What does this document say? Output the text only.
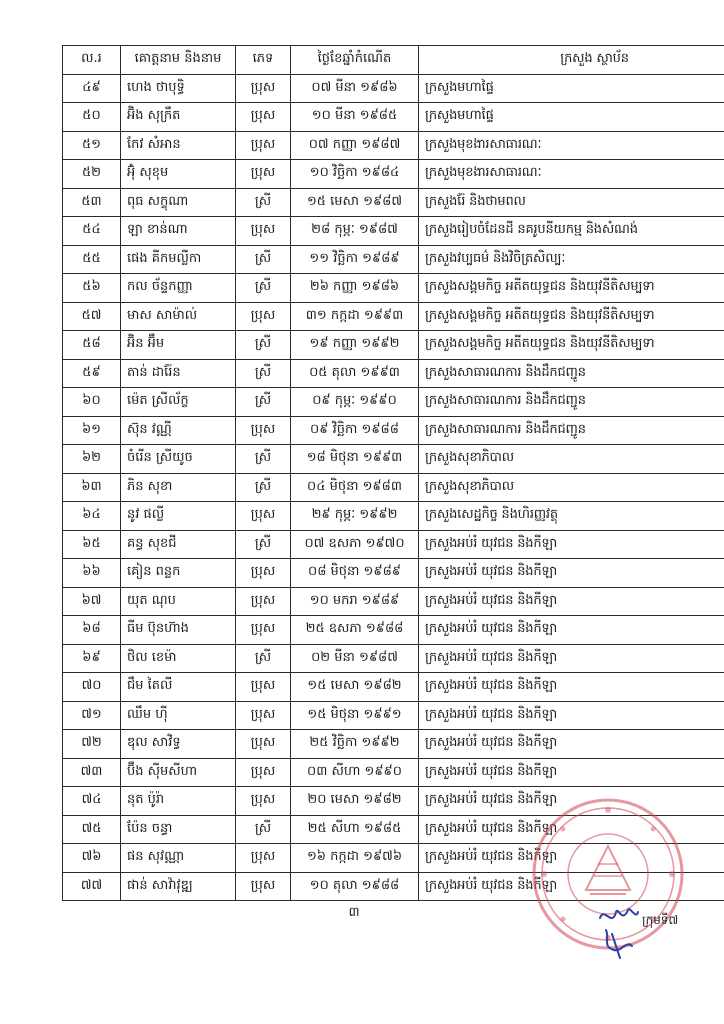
ល.រ	គោត្តនាម និងនាម	ភេទ	ថ្ងៃខែឆ្នាំកំណើត	ក្រសួង ស្ថាប័ន
៤៩	ហេង ថាបុទ្ធិ	ប្រុស	០៧ មីនា ១៩៨៦	ក្រសួងមហាផ្ទៃ
៥០	អ៊ិង សុក្រឹត	ប្រុស	១០ មីនា ១៩៨៥	ក្រសួងមហាផ្ទៃ
៥១	កែវ សំអាន	ប្រុស	០៧ កញ្ញា ១៩៨៧	ក្រសួងមុខងារសាធារណៈ
៥២	អ៊ុំ សុខុម	ប្រុស	១០ វិច្ឆិកា ១៩៨៤	ក្រសួងមុខងារសាធារណៈ
៥៣	ពុធ សក្ខុណា	ស្រី	១៥ មេសា ១៩៨៧	ក្រសួងរ៉ែ និងថាមពល
៥៤	ឡា ខាន់ណា	ប្រុស	២៨ កុម្ភៈ ១៩៨៧	ក្រសួងរៀបចំដែនដី នគរូបនីយកម្ម និងសំណង់
៥៥	ផេង គីកមល្លីកា	ស្រី	១១ វិច្ឆិកា ១៩៨៩	ក្រសួងវប្បធម៌ និងវិចិត្រសិល្បៈ
៥៦	កល ច័ន្ទកញ្ញា	ស្រី	២៦ កញ្ញា ១៩៨៦	ក្រសួងសង្គមកិច្ច អតីតយុទ្ធជន និងយុវនីតិសម្បទា
៥៧	មាស សាម៉ាល់	ប្រុស	៣១ កក្កដា ១៩៩៣	ក្រសួងសង្គមកិច្ច អតីតយុទ្ធជន និងយុវនីតិសម្បទា
៥៨	អ៊ិន អ៊ឹម	ស្រី	១៩ កញ្ញា ១៩៩២	ក្រសួងសង្គមកិច្ច អតីតយុទ្ធជន និងយុវនីតិសម្បទា
៥៩	តាន់ ដារ៉ែន	ស្រី	០៥ តុលា ១៩៩៣	ក្រសួងសាធារណការ និងដឹកជញ្ជូន
៦០	ម៉េត ស្រីល័ក្ខ	ស្រី	០៩ កុម្ភៈ ១៩៩០	ក្រសួងសាធារណការ និងដឹកជញ្ជូន
៦១	ស៊ុន វណ្ណី	ប្រុស	០៩ វិច្ឆិកា ១៩៨៨	ក្រសួងសាធារណការ និងដឹកជញ្ជូន
៦២	ចំរើន ស្រីយូច	ស្រី	១៨ មិថុនា ១៩៩៣	ក្រសួងសុខាភិបាល
៦៣	ភិន សុខា	ស្រី	០៤ មិថុនា ១៩៨៣	ក្រសួងសុខាភិបាល
៦៤	នូវ ផល្លី	ប្រុស	២៩ កុម្ភៈ ១៩៩២	ក្រសួងសេដ្ឋកិច្ច និងហិរញ្ញវត្ថុ
៦៥	គន្ធ សុខជី	ស្រី	០៧ ឧសភា ១៩៧០	ក្រសួងអប់រំ យុវជន និងកីឡា
៦៦	គៀន ពន្លក	ប្រុស	០៨ មិថុនា ១៩៨៩	ក្រសួងអប់រំ យុវជន និងកីឡា
៦៧	យុត ណុប	ប្រុស	១០ មករា ១៩៨៩	ក្រសួងអប់រំ យុវជន និងកីឡា
៦៨	ធីម ប៊ុនហ៊ាង	ប្រុស	២៥ ឧសភា ១៩៨៨	ក្រសួងអប់រំ យុវជន និងកីឡា
៦៩	ថិល ខេម៉ា	ស្រី	០២ មីនា ១៩៨៧	ក្រសួងអប់រំ យុវជន និងកីឡា
៧០	ជឹម តៃលី	ប្រុស	១៥ មេសា ១៩៨២	ក្រសួងអប់រំ យុវជន និងកីឡា
៧១	ឈឹម ហ៊ី	ប្រុស	១៥ មិថុនា ១៩៩១	ក្រសួងអប់រំ យុវជន និងកីឡា
៧២	ឌុល សាវិទ្ធ	ប្រុស	២៥ វិច្ឆិកា ១៩៩២	ក្រសួងអប់រំ យុវជន និងកីឡា
៧៣	ប៊ឹង ស៊ីមសីហា	ប្រុស	០៣ សីហា ១៩៩០	ក្រសួងអប់រំ យុវជន និងកីឡា
៧៤	នុត ប៉ូរ៉ា	ប្រុស	២០ មេសា ១៩៨២	ក្រសួងអប់រំ យុវជន និងកីឡា
៧៥	ប៉ែន ចន្ធា	ស្រី	២៥ សីហា ១៩៨៥	ក្រសួងអប់រំ យុវជន និងកីឡា
៧៦	ផន សុវណ្ណា	ប្រុស	១៦ កក្កដា ១៩៧៦	ក្រសួងអប់រំ យុវជន និងកីឡា
៧៧	ផាន់ សាវ៉ាវុឌ្ឍ	ប្រុស	១០ តុលា ១៩៨៨	ក្រសួងអប់រំ យុវជន និងកីឡា
៣	ក្រុមទី៧
